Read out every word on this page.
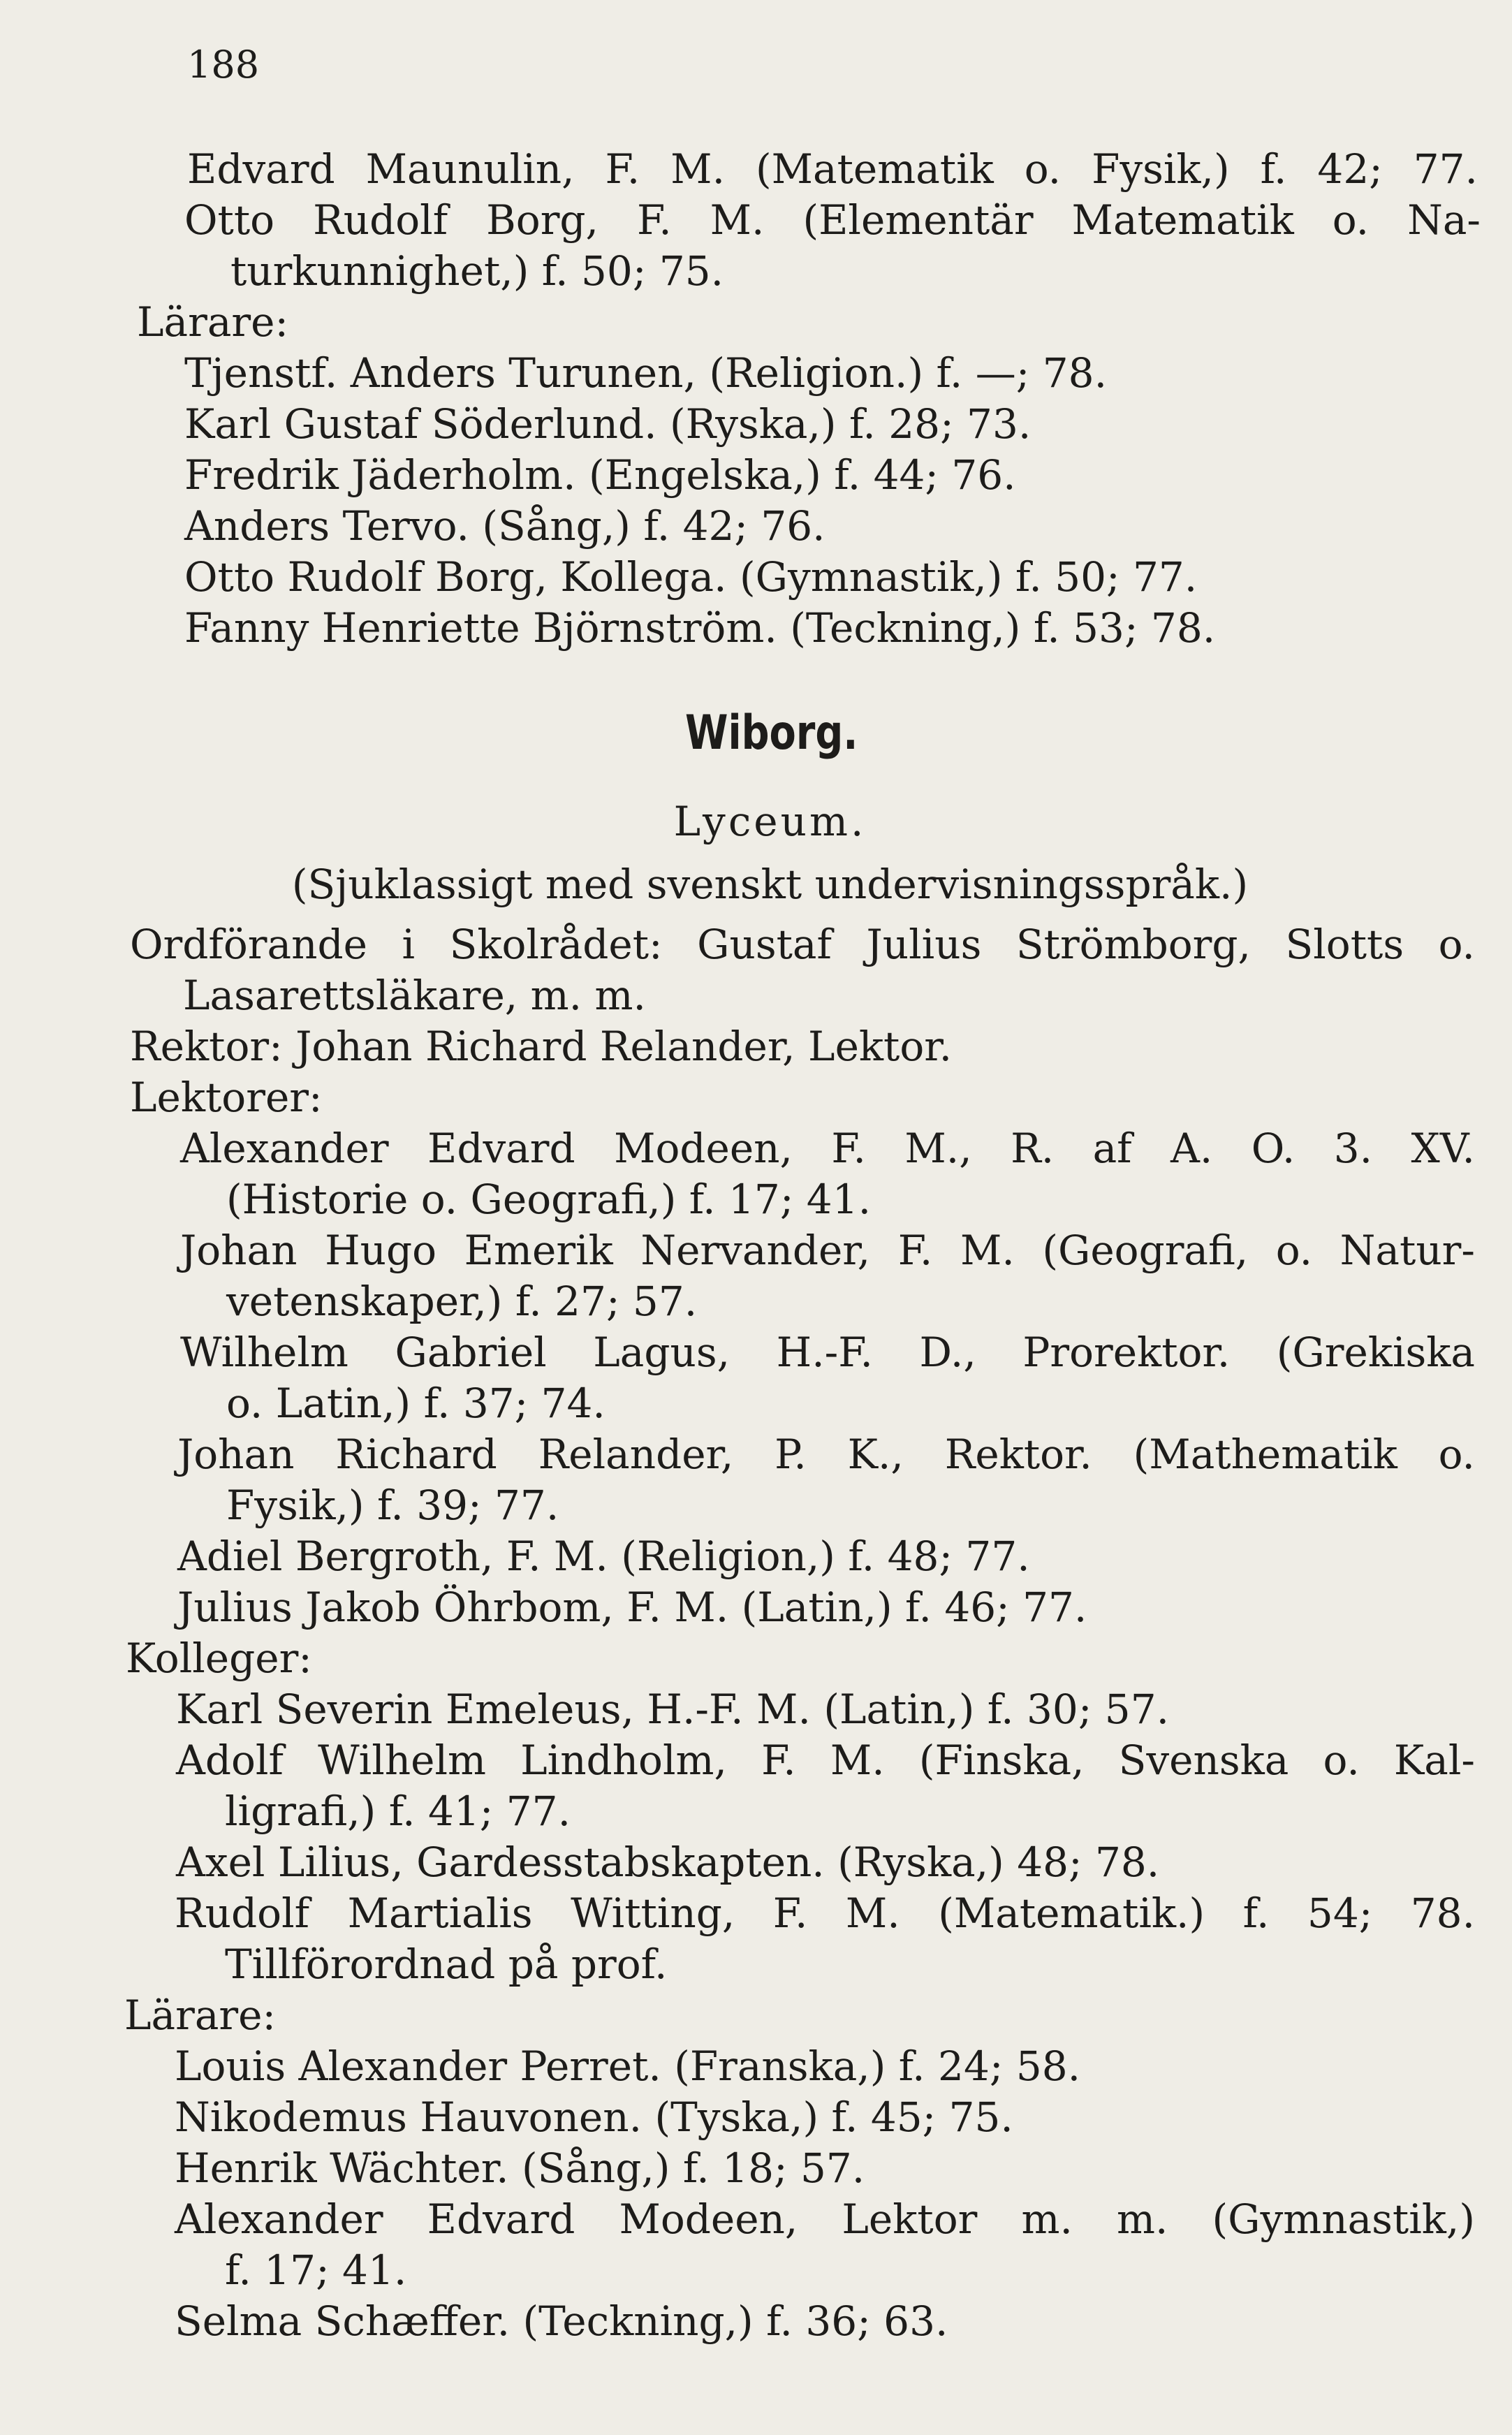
188
Edvard Maunulin, F. M. (Matematik o. Fysik,) f. 42; 77.
Otto Rudolf Borg, F. M. (Elementär Matematik o. Na-
turkunnighet,) f. 50; 75.
Lärare:
Tjenstf. Anders Turunen, (Religion.) f. —; 78.
Karl Gustaf Söderlund. (Ryska,) f. 28; 73.
Fredrik Jäderholm. (Engelska,) f. 44; 76.
Anders Tervo. (Sång,) f. 42; 76.
Otto Rudolf Borg, Kollega. (Gymnastik,) f. 50; 77.
Fanny Henriette Björnström. (Teckning,) f. 53; 78.
Wiborg.
Lyceum.
(Sjuklassigt med svenskt undervisningsspråk.)
Ordförande i Skolrådet: Gustaf Julius Strömborg, Slotts o.
Lasarettsläkare, m. m.
Rektor: Johan Richard Relander, Lektor.
Lektorer:
Alexander Edvard Modeen, F. M., R. af A. O. 3. XV.
(Historie o. Geografi,) f. 17; 41.
Johan Hugo Emerik Nervander, F. M. (Geografi, o. Natur-
vetenskaper,) f. 27; 57.
Wilhelm Gabriel Lagus, H.-F. D., Prorektor. (Grekiska
o. Latin,) f. 37; 74.
Johan Richard Relander, P. K., Rektor. (Mathematik o.
Fysik,) f. 39; 77.
Adiel Bergroth, F. M. (Religion,) f. 48; 77.
Julius Jakob Öhrbom, F. M. (Latin,) f. 46; 77.
Kolleger:
Karl Severin Emeleus, H.-F. M. (Latin,) f. 30; 57.
Adolf Wilhelm Lindholm, F. M. (Finska, Svenska o. Kal-
ligrafi,) f. 41; 77.
Axel Lilius, Gardesstabskapten. (Ryska,) 48; 78.
Rudolf Martialis Witting, F. M. (Matematik.) f. 54; 78.
Tillförordnad på prof.
Lärare:
Louis Alexander Perret. (Franska,) f. 24; 58.
Nikodemus Hauvonen. (Tyska,) f. 45; 75.
Henrik Wächter. (Sång,) f. 18; 57.
Alexander Edvard Modeen, Lektor m. m. (Gymnastik,)
f. 17; 41.
Selma Schæffer. (Teckning,) f. 36; 63.
